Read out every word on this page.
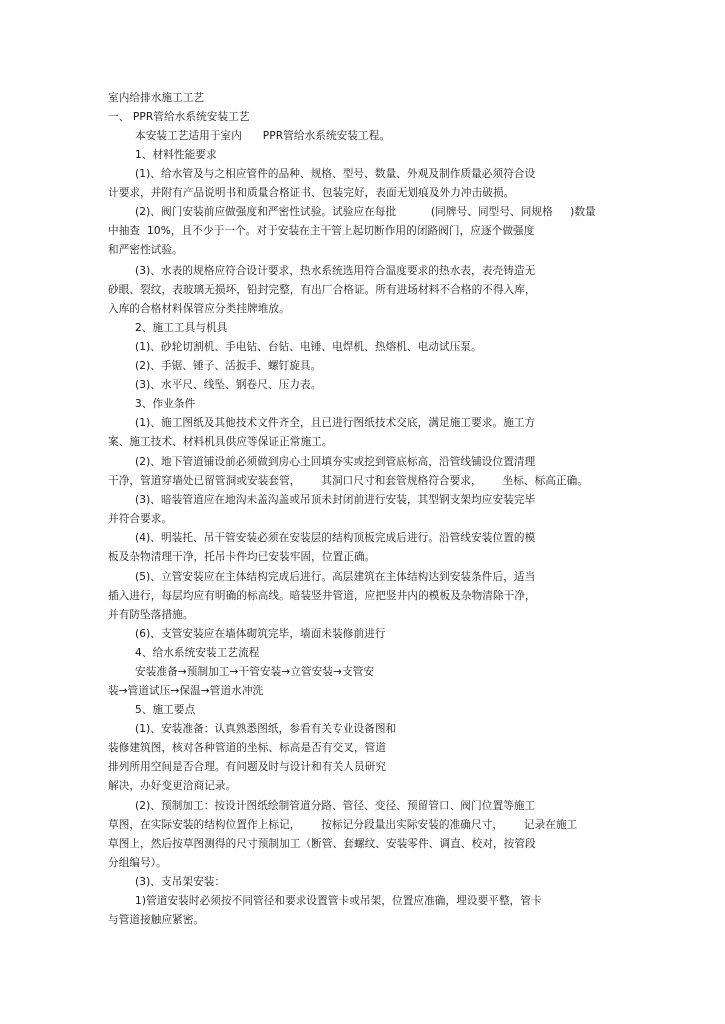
室内给排水施工工艺
一、 PPR管给水系统安装工艺
本安装工艺适用于室内      PPR管给水系统安装工程。
1、材料性能要求
(1)、给水管及与之相应管件的品种、规格、型号、数量、外观及制作质量必须符合设
计要求，并附有产品说明书和质量合格证书、包装完好，表面无划痕及外力冲击破损。
(2)、阀门安装前应做强度和严密性试验。试验应在每批          (同牌号、同型号、同规格     )数量
中抽查  10%，且不少于一个。对于安装在主干管上起切断作用的闭路阀门，应逐个做强度
和严密性试验。
(3)、水表的规格应符合设计要求，热水系统选用符合温度要求的热水表，表壳铸造无
砂眼、裂纹，表玻璃无损坏，铅封完整，有出厂合格证。所有进场材料不合格的不得入库，
入库的合格材料保管应分类挂牌堆放。
2、施工工具与机具
(1)、砂轮切割机、手电钻、台钻、电锤、电焊机、热熔机、电动试压泵。
(2)、手锯、锤子、活扳手、螺钉旋具。
(3)、水平尺、线坠、钢卷尺、压力表。
3、作业条件
(1)、施工图纸及其他技术文件齐全，且已进行图纸技术交底，满足施工要求。施工方
案、施工技术、材料机具供应等保证正常施工。
(2)、地下管道铺设前必须做到房心土回填夯实或挖到管底标高，沿管线铺设位置清理
干净，管道穿墙处已留管洞或安装套管，      其洞口尺寸和套管规格符合要求，      坐标、标高正确。
(3)、暗装管道应在地沟未盖沟盖或吊顶未封闭前进行安装，其型钢支架均应安装完毕
并符合要求。
(4)、明装托、吊干管安装必须在安装层的结构顶板完成后进行。沿管线安装位置的模
板及杂物清理干净，托吊卡件均已安装牢固，位置正确。
(5)、立管安装应在主体结构完成后进行。高层建筑在主体结构达到安装条件后，适当
插入进行，每层均应有明确的标高线。暗装竖井管道，应把竖井内的模板及杂物清除干净，
并有防坠落措施。
(6)、支管安装应在墙体砌筑完毕，墙面未装修前进行
4、给水系统安装工艺流程
安装准备→预制加工→干管安装→立管安装→支管安
装→管道试压→保温→管道水冲洗
5、施工要点
(1)、安装准备：认真熟悉图纸，参看有关专业设备图和
装修建筑图，核对各种管道的坐标、标高是否有交叉，管道
排列所用空间是否合理。有问题及时与设计和有关人员研究
解决，办好变更洽商记录。
(2)、预制加工：按设计图纸绘制管道分路、管径、变径、预留管口、阀门位置等施工
草图，在实际安装的结构位置作上标记，      按标记分段量出实际安装的准确尺寸，      记录在施工
草图上，然后按草图测得的尺寸预制加工（断管、套螺纹、安装零件、调直、校对，按管段
分组编号）。
(3)、支吊架安装：
1)管道安装时必须按不同管径和要求设置管卡或吊架，位置应准确，埋设要平整，管卡
与管道接触应紧密。
